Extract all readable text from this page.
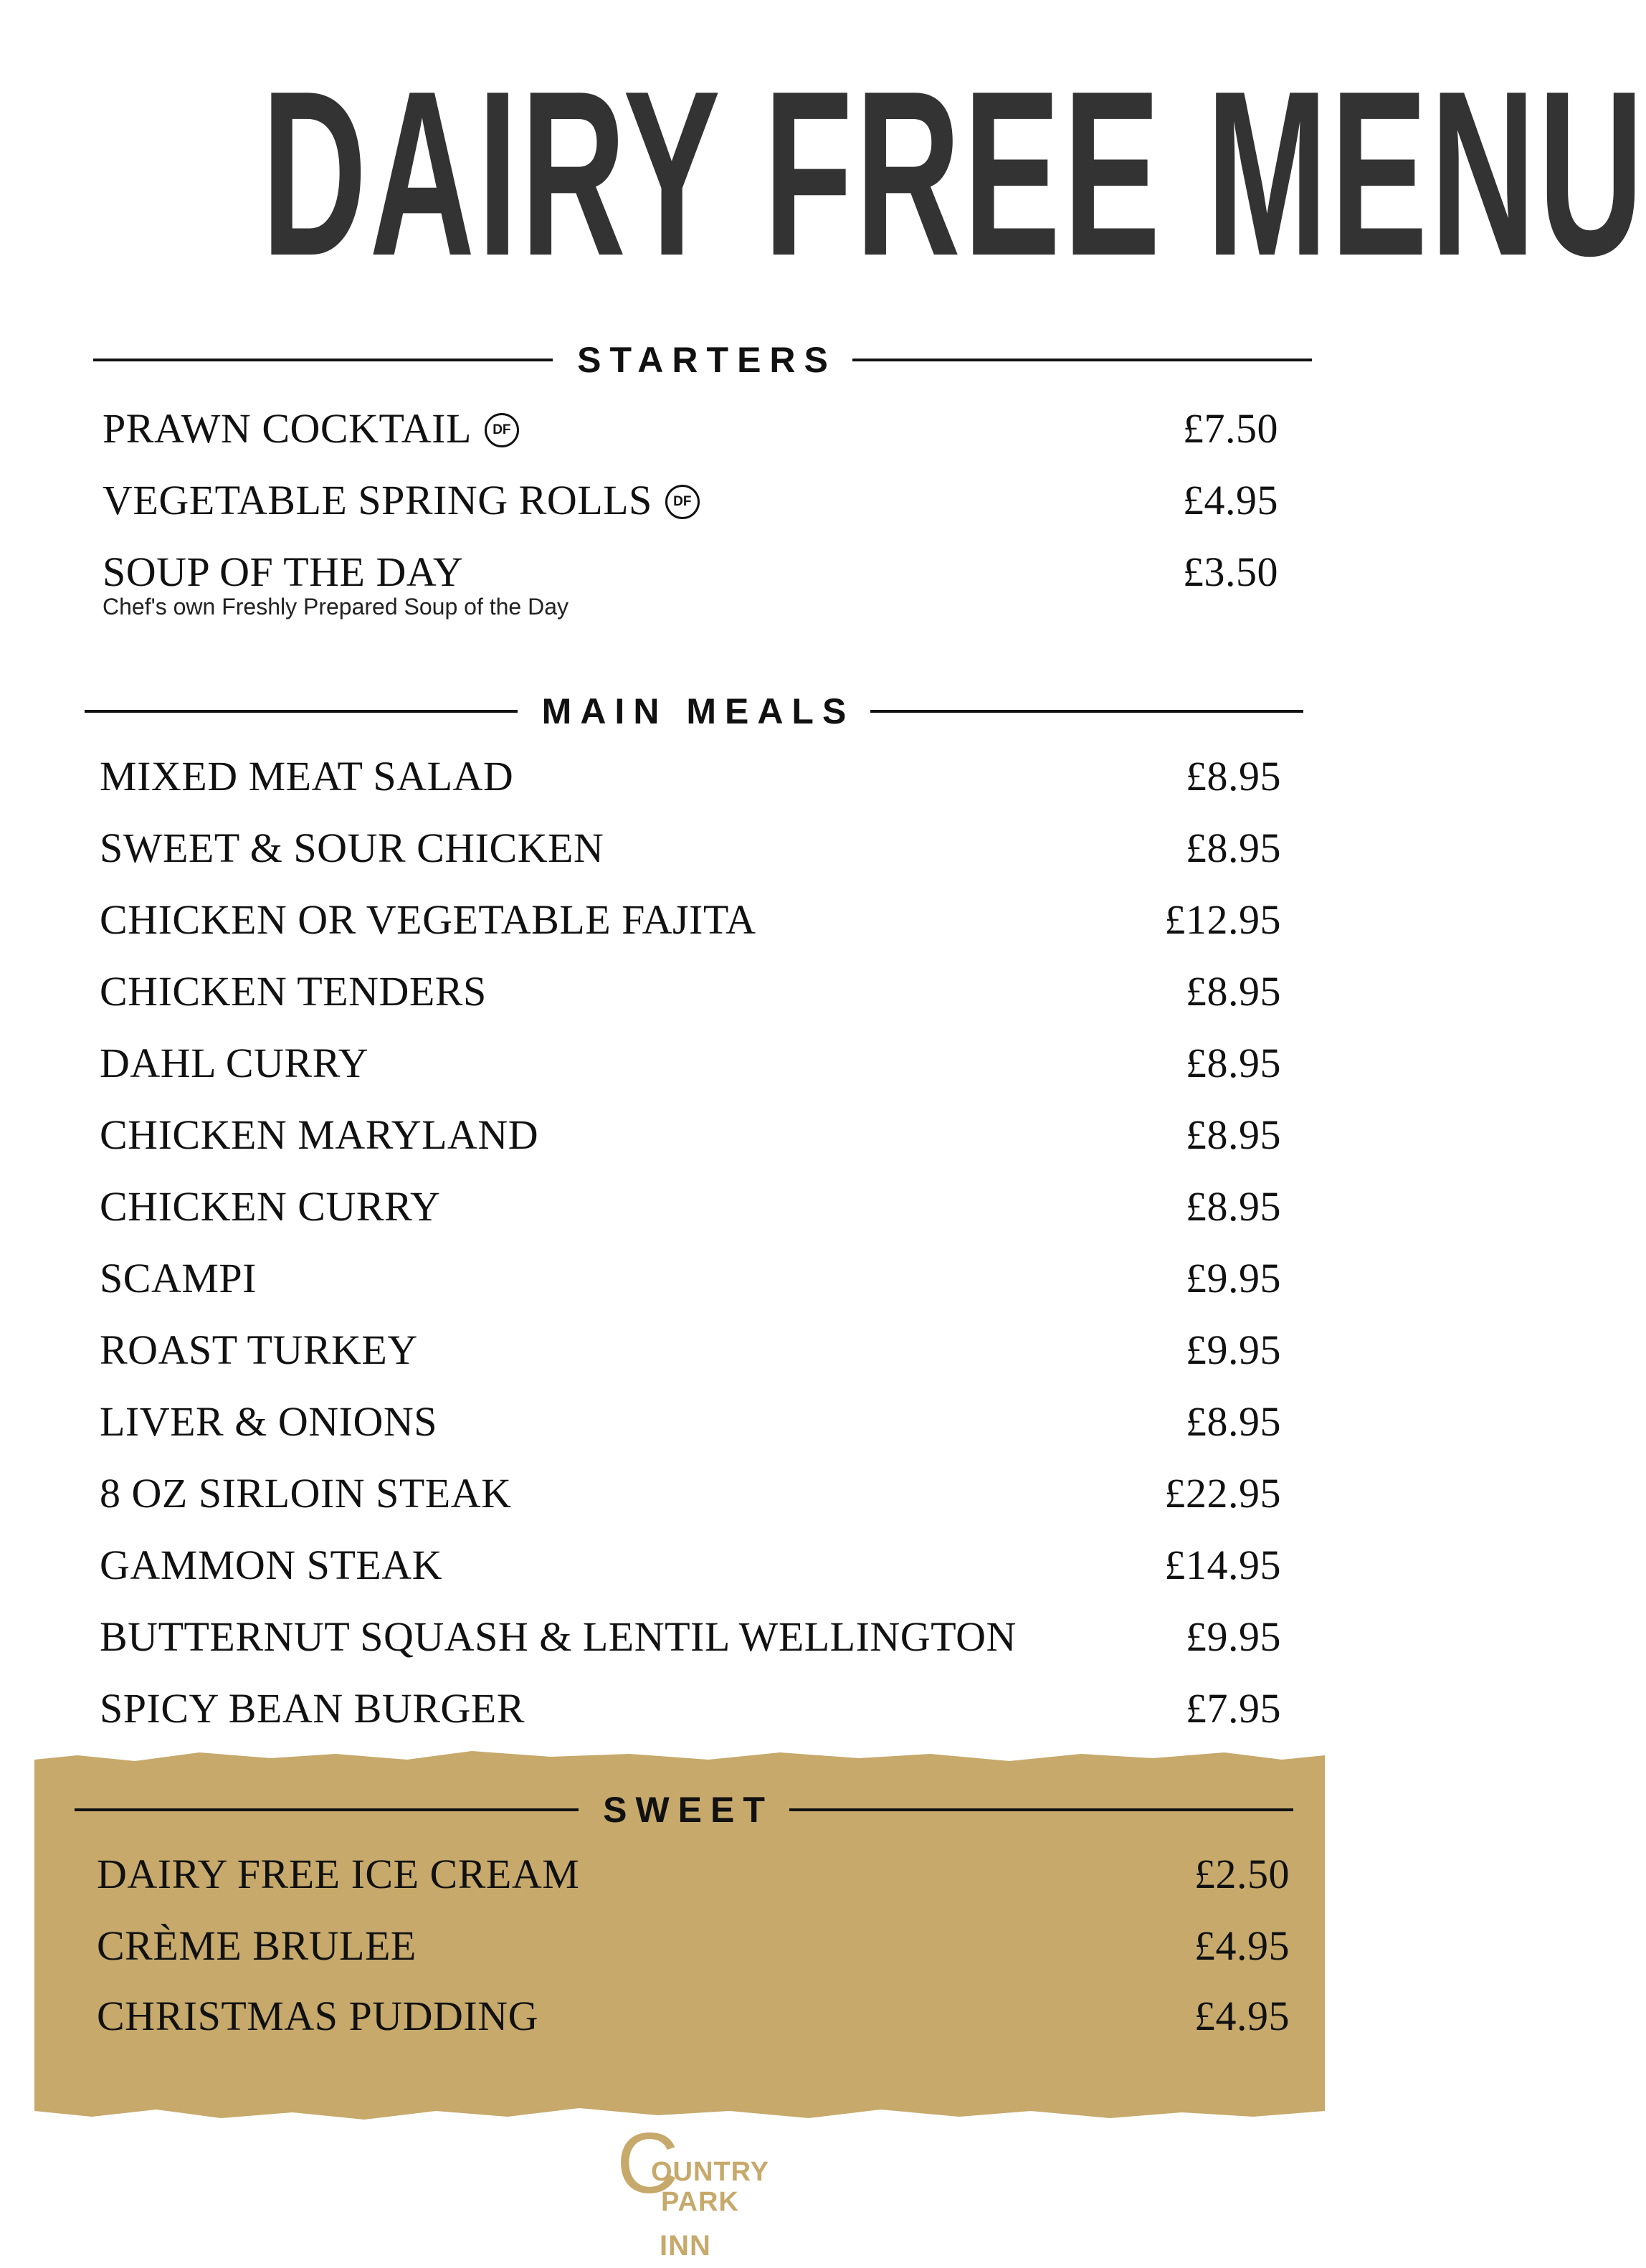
DAIRY FREE MENU
STARTERS
PRAWN COCKTAIL DF	£7.50
VEGETABLE SPRING ROLLS DF	£4.95
SOUP OF THE DAY	£3.50
Chef's own Freshly Prepared Soup of the Day
MAIN MEALS
MIXED MEAT SALAD	£8.95
SWEET & SOUR CHICKEN	£8.95
CHICKEN OR VEGETABLE FAJITA	£12.95
CHICKEN TENDERS	£8.95
DAHL CURRY	£8.95
CHICKEN MARYLAND	£8.95
CHICKEN CURRY	£8.95
SCAMPI	£9.95
ROAST TURKEY	£9.95
LIVER & ONIONS	£8.95
8 OZ SIRLOIN STEAK	£22.95
GAMMON STEAK	£14.95
BUTTERNUT SQUASH & LENTIL WELLINGTON	£9.95
SPICY BEAN BURGER	£7.95
SWEET
DAIRY FREE ICE CREAM	£2.50
CRÈME BRULEE	£4.95
CHRISTMAS PUDDING	£4.95
C
OUNTRY
PARK
INN
